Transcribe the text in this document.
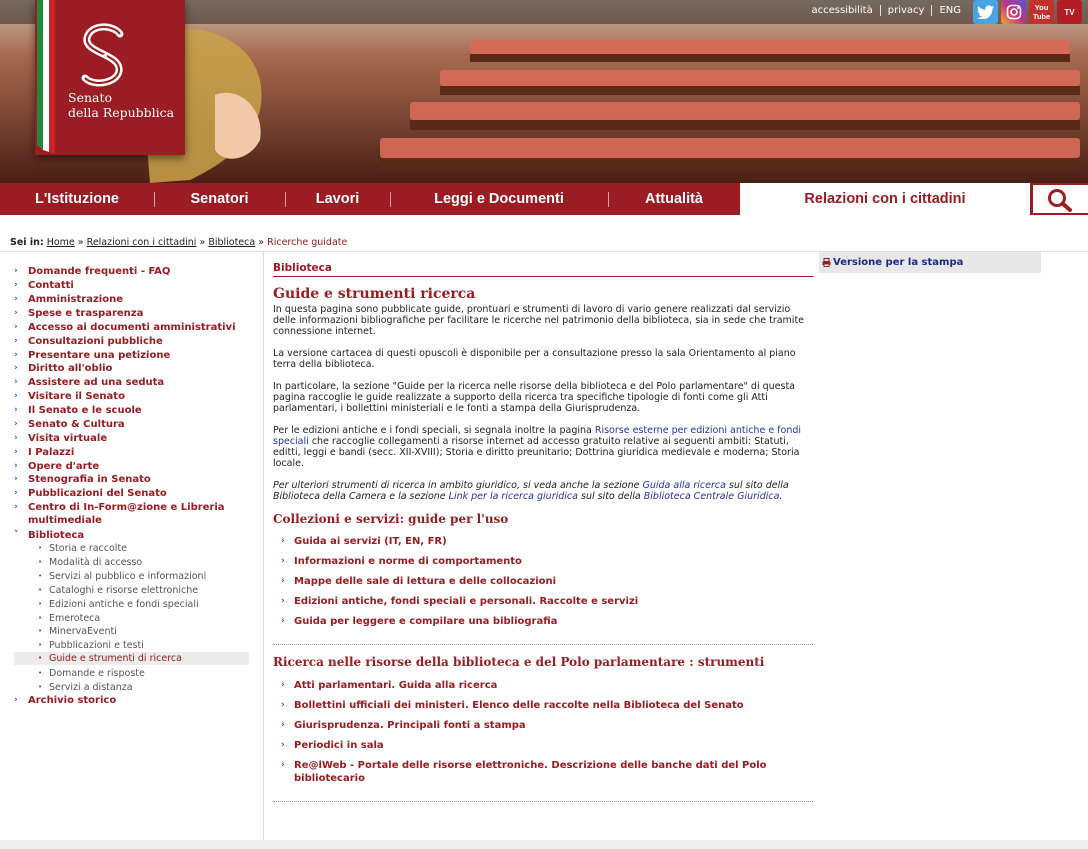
accessibilità	privacy	ENG	You
Tube	TV
Senato
della Repubblica
L'Istituzione	Senatori	Lavori	Leggi e Documenti	Attualità	Relazioni con i cittadini
Sei in: Home » Relazioni con i cittadini » Biblioteca » Ricerche guidate
›	Domande frequenti - FAQ
›	Contatti
›	Amministrazione
›	Spese e trasparenza
›	Accesso ai documenti amministrativi
›	Consultazioni pubbliche
›	Presentare una petizione
›	Diritto all'oblio
›	Assistere ad una seduta
›	Visitare il Senato
›	Il Senato e le scuole
›	Senato & Cultura
›	Visita virtuale
›	I Palazzi
›	Opere d'arte
›	Stenografia in Senato
›	Pubblicazioni del Senato
›	Centro di In-Form@zione e Libreria multimediale
˅ Biblioteca
• Storia e raccolte
• Modalità di accesso
• Servizi al pubblico e informazioni
• Cataloghi e risorse elettroniche
• Edizioni antiche e fondi speciali
• Emeroteca
• MinervaEventi
• Pubblicazioni e testi
• Guide e strumenti di ricerca
• Domande e risposte
• Servizi a distanza
›	Archivio storico
Biblioteca
Guide e strumenti ricerca

In questa pagina sono pubblicate guide, prontuari e strumenti di lavoro di vario genere realizzati dal servizio delle informazioni bibliografiche per facilitare le ricerche nel patrimonio della biblioteca, sia in sede che tramite connessione internet.

La versione cartacea di questi opuscoli è disponibile per a consultazione presso la sala Orientamento al piano terra della biblioteca.

In particolare, la sezione "Guide per la ricerca nelle risorse della biblioteca e del Polo parlamentare" di questa pagina raccoglie le guide realizzate a supporto della ricerca tra specifiche tipologie di fonti come gli Atti parlamentari, i bollettini ministeriali e le fonti a stampa della Giurisprudenza.

Per le edizioni antiche e i fondi speciali, si segnala inoltre la pagina Risorse esterne per edizioni antiche e fondi speciali che raccoglie collegamenti a risorse internet ad accesso gratuito relative ai seguenti ambiti: Statuti, editti, leggi e bandi (secc. XII-XVIII); Storia e diritto preunitario; Dottrina giuridica medievale e moderna; Storia locale.

Per ulteriori strumenti di ricerca in ambito giuridico, si veda anche la sezione Guida alla ricerca sul sito della Biblioteca della Camera e la sezione Link per la ricerca giuridica sul sito della Biblioteca Centrale Giuridica.

Collezioni e servizi: guide per l'uso
› Guida ai servizi (IT, EN, FR)
› Informazioni e norme di comportamento
› Mappe delle sale di lettura e delle collocazioni
› Edizioni antiche, fondi speciali e personali. Raccolte e servizi
› Guida per leggere e compilare una bibliografia
Ricerca nelle risorse della biblioteca e del Polo parlamentare : strumenti
› Atti parlamentari. Guida alla ricerca
› Bollettini ufficiali dei ministeri. Elenco delle raccolte nella Biblioteca del Senato
› Giurisprudenza. Principali fonti a stampa
› Periodici in sala
› Re@lWeb - Portale delle risorse elettroniche. Descrizione delle banche dati del Polo bibliotecario
Versione per la stampa
